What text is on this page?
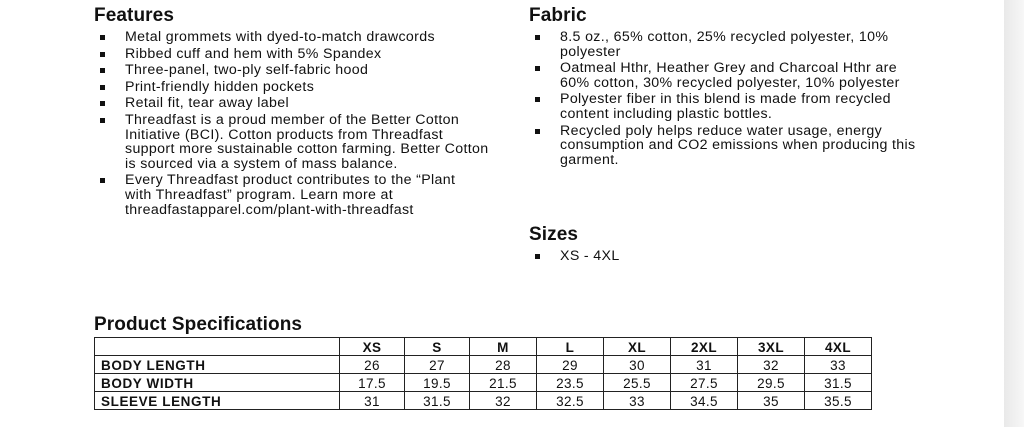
Features
Metal grommets with dyed-to-match drawcords
Ribbed cuff and hem with 5% Spandex
Three-panel, two-ply self-fabric hood
Print-friendly hidden pockets
Retail fit, tear away label
Threadfast is a proud member of the Better Cotton Initiative (BCI). Cotton products from Threadfast support more sustainable cotton farming. Better Cotton is sourced via a system of mass balance.
Every Threadfast product contributes to the “Plant with Threadfast” program. Learn more at threadfastapparel.com/plant-with-threadfast
Fabric
8.5 oz., 65% cotton, 25% recycled polyester, 10% polyester
Oatmeal Hthr, Heather Grey and Charcoal Hthr are 60% cotton, 30% recycled polyester, 10% polyester
Polyester fiber in this blend is made from recycled content including plastic bottles.
Recycled poly helps reduce water usage, energy consumption and CO2 emissions when producing this garment.
Sizes
XS - 4XL
Product Specifications
	XS	S	M	L	XL	2XL	3XL	4XL
BODY LENGTH	26	27	28	29	30	31	32	33
BODY WIDTH	17.5	19.5	21.5	23.5	25.5	27.5	29.5	31.5
SLEEVE LENGTH	31	31.5	32	32.5	33	34.5	35	35.5
